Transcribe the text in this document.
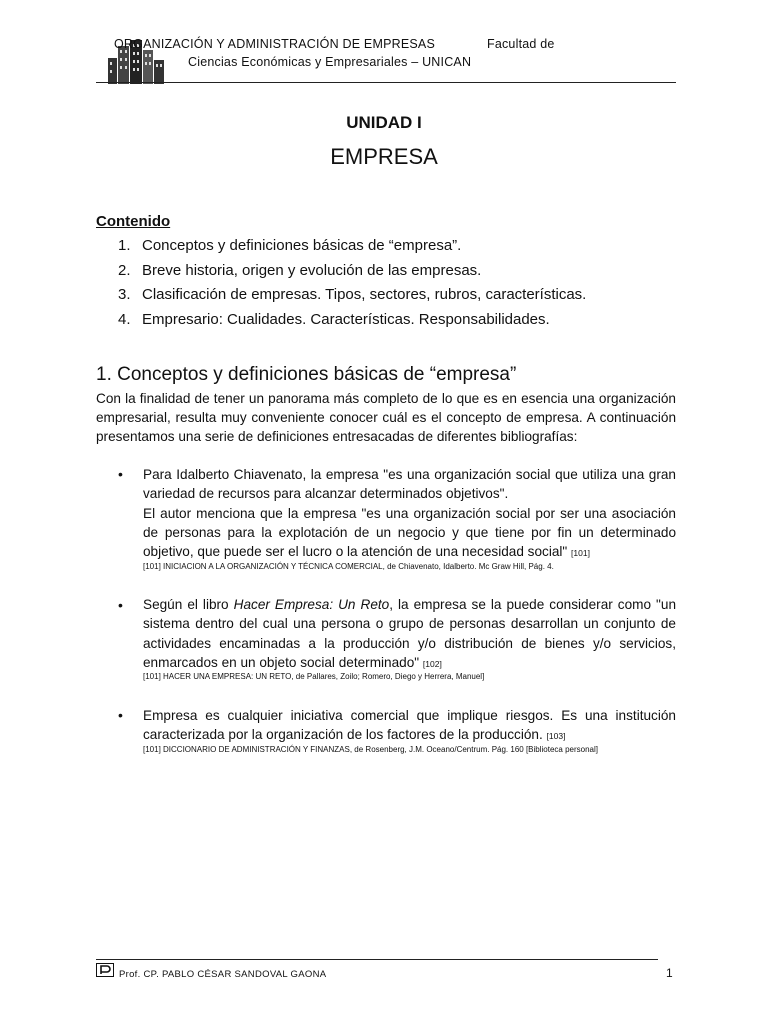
ORGANIZACIÓN Y ADMINISTRACIÓN DE EMPRESAS	Facultad de
Ciencias Económicas y Empresariales – UNICAN
UNIDAD I
EMPRESA
Contenido
1. Conceptos y definiciones básicas de “empresa”.
2. Breve historia, origen y evolución de las empresas.
3. Clasificación de empresas. Tipos, sectores, rubros, características.
4. Empresario: Cualidades. Características. Responsabilidades.
1. Conceptos y definiciones básicas de “empresa”
Con la finalidad de tener un panorama más completo de lo que es en esencia una organización empresarial, resulta muy conveniente conocer cuál es el concepto de empresa. A continuación presentamos una serie de definiciones entresacadas de diferentes bibliografías:
• Para Idalberto Chiavenato, la empresa "es una organización social que utiliza una gran variedad de recursos para alcanzar determinados objetivos".
El autor menciona que la empresa "es una organización social por ser una asociación de personas para la explotación de un negocio y que tiene por fin un determinado objetivo, que puede ser el lucro o la atención de una necesidad social" [101]
[101] INICIACION A LA ORGANIZACIÓN Y TÉCNICA COMERCIAL, de Chiavenato, Idalberto. Mc Graw Hill, Pág. 4.
• Según el libro Hacer Empresa: Un Reto, la empresa se la puede considerar como "un sistema dentro del cual una persona o grupo de personas desarrollan un conjunto de actividades encaminadas a la producción y/o distribución de bienes y/o servicios, enmarcados en un objeto social determinado" [102]
[101] HACER UNA EMPRESA: UN RETO, de Pallares, Zoilo; Romero, Diego y Herrera, Manuel]
• Empresa es cualquier iniciativa comercial que implique riesgos. Es una institución caracterizada por la organización de los factores de la producción. [103]
[101] DICCIONARIO DE ADMINISTRACIÓN Y FINANZAS, de Rosenberg, J.M. Oceano/Centrum. Pág. 160 [Biblioteca personal]
Prof. CP. PABLO CÉSAR SANDOVAL GAONA	1
